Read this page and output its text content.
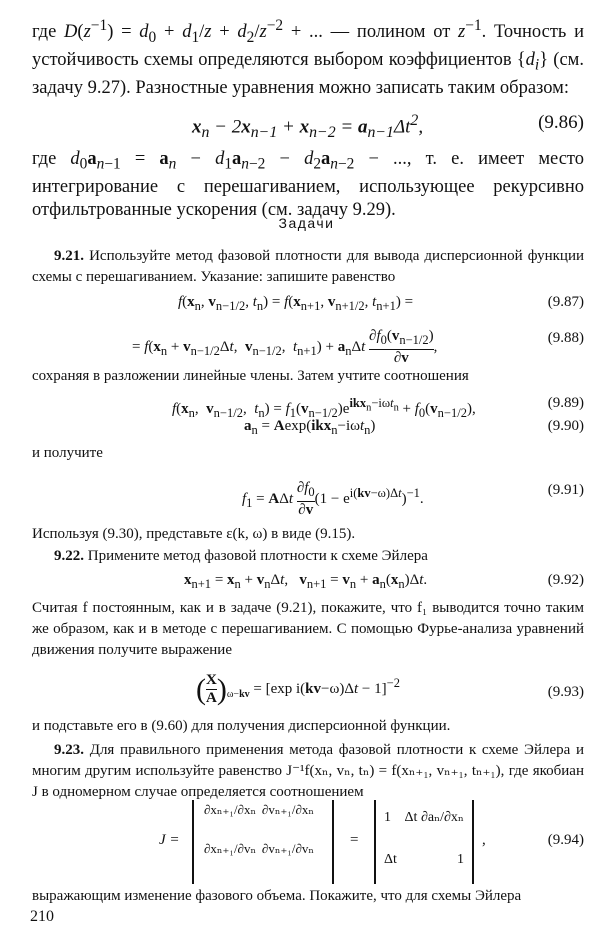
где $D(z^{-1}) = d_0 + d_1/z + d_2/z^{-2}$ + ... — полином от $z^{-1}$. Точность и устойчивость схемы определяются выбором коэффициентов $\{d_i\}$ (см. задачу 9.27). Разностные уравнения можно записать таким образом:

$x_n - 2x_{n-1} + x_{n-2} = a_{n-1}\Delta t^2$,	(9.86)

где $d_0a_{n-1} = a_n - d_1a_{n-2} - d_2a_{n-2}$ − ..., т. е. имеет место интегрирование с перешагиванием, использующее рекурсивно отфильтрованные ускорения (см. задачу 9.29).

Задачи

9.21. Используйте метод фазовой плотности для вывода дисперсионной функции схемы с перешагиванием. Указание: запишите равенство

$f(x_n$, $v_{n-1/2}$, $t_n) = f(x_{n+1}$, $v_{n+1/2}$, $t_{n+1}$) =	(9.87)
= $f(x_n + v_{n-1/2}\Delta t$,  $v_{n-1/2}$,  $t_{n+1}) + a_n\Delta t \frac{\partial f_0(v_{n-1/2})}{\partial v}$ ,
(9.88)

сохраняя в разложении линейные члены. Затем учтите соотношения

$f(x_n$,  $v_{n-1/2}$,  $t_n) = f_1(v_{n-1/2})e^{ikx_n-i\omega t_n} + f_0(v_{n-1/2})$,	(9.89)
$a_n = Aexp(ikx_n-i\omega t_n)$	(9.90)

и получите

$f_1 = A\Delta t \frac{\partial f_0}{\partial v} (1 - e^{i(kv-\omega)\Delta t})^{-1}$.
(9.91)

Используя (9.30), представьте ε(k, ω) в виде (9.15).

9.22. Примените метод фазовой плотности к схеме Эйлера

$x_{n+1} = x_n + v_n\Delta t$,   $v_{n+1} = v_n + a_n(x_n)\Delta t$.	(9.92)

Считая f постоянным, как и в задаче (9.21), покажите, что f₁ выводится точно таким же образом, как и в методе с перешагиванием. С помощью Фурье-анализа уравнений движения получите выражение

( $\frac{X}{A} )_{\omega-kv} = [\exp$ i(kv−ω)Δt − 1]$^{-2}$
(9.93)

и подставьте его в (9.60) для получения дисперсионной функции.

9.23. Для правильного применения метода фазовой плотности к схеме Эйлера и многим другим используйте равенство J⁻¹f(xₙ, vₙ, tₙ) = f(xₙ₊₁, vₙ₊₁, tₙ₊₁), где якобиан J в одномерном случае определяется соотношением

J =
∂xₙ₊₁/∂xₙ ∂vₙ₊₁/∂xₙ
∂xₙ₊₁/∂vₙ ∂vₙ₊₁/∂vₙ
=
1 Δt ∂aₙ/∂xₙ
Δt	1
,	(9.94)

выражающим изменение фазового объема. Покажите, что для схемы Эйлера

210
